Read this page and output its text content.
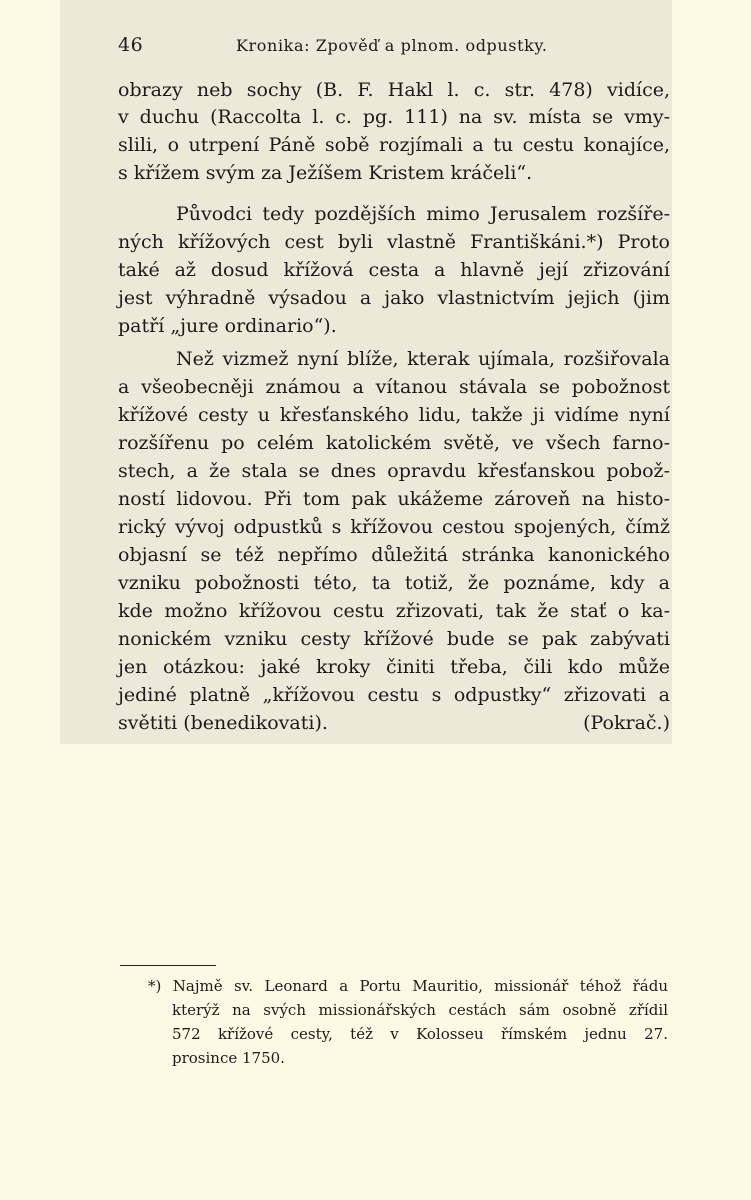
46	Kronika: Zpověď a plnom. odpustky.
obrazy neb sochy (B. F. Hakl l. c. str. 478) vidíce,
v duchu (Raccolta l. c. pg. 111) na sv. místa se vmy-
slili, o utrpení Páně sobě rozjímali a tu cestu konajíce,
s křížem svým za Ježíšem Kristem kráčeli“.
Původci tedy pozdějších mimo Jerusalem rozšíře-
ných křížových cest byli vlastně Františkáni.*) Proto
také až dosud křížová cesta a hlavně její zřizování
jest výhradně výsadou a jako vlastnictvím jejich (jim
patří „jure ordinario“).
Než vizmež nyní blíže, kterak ujímala, rozšiřovala
a všeobecněji známou a vítanou stávala se pobožnost
křížové cesty u křesťanského lidu, takže ji vidíme nyní
rozšířenu po celém katolickém světě, ve všech farno-
stech, a že stala se dnes opravdu křesťanskou pobož-
ností lidovou. Při tom pak ukážeme zároveň na histo-
rický vývoj odpustků s křížovou cestou spojených, čímž
objasní se též nepřímo důležitá stránka kanonického
vzniku pobožnosti této, ta totiž, že poznáme, kdy a
kde možno křížovou cestu zřizovati, tak že stať o ka-
nonickém vzniku cesty křížové bude se pak zabývati
jen otázkou: jaké kroky činiti třeba, čili kdo může
jediné platně „křížovou cestu s odpustky“ zřizovati a
světiti (benedikovati).	(Pokrač.)
*) Najmě sv. Leonard a Portu Mauritio, missionář téhož řádu
kterýž na svých missionářských cestách sám osobně zřídil
572 křížové cesty, též v Kolosseu římském jednu 27.
prosince 1750.
